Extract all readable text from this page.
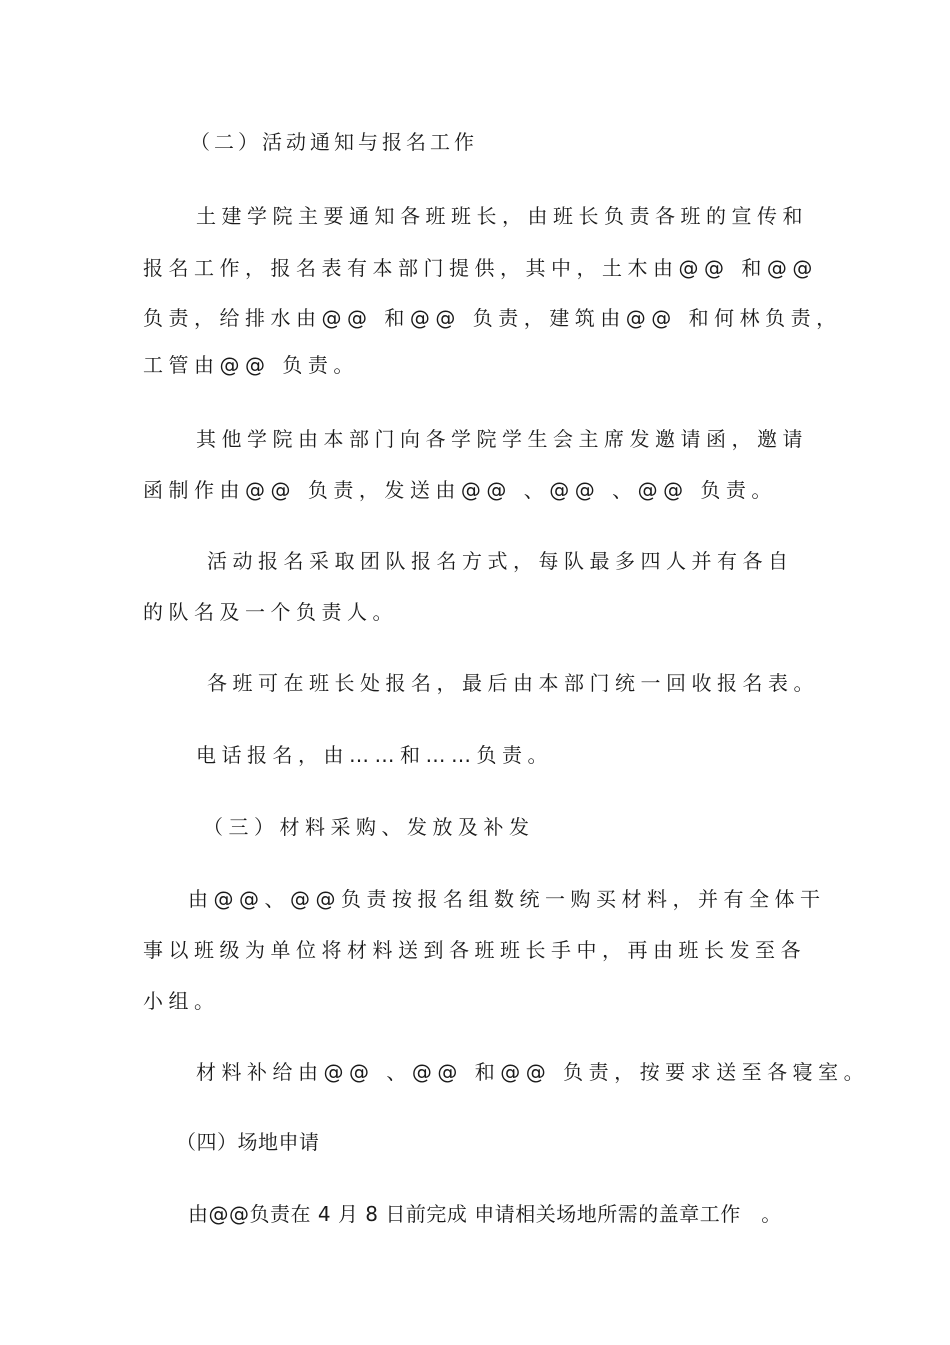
（二）活动通知与报名工作
土建学院主要通知各班班长，由班长负责各班的宣传和
报名工作，报名表有本部门提供，其中，土木由@@ 和@@
负责，给排水由@@ 和@@ 负责，建筑由@@ 和何林负责，
工管由@@ 负责。
其他学院由本部门向各学院学生会主席发邀请函，邀请
函制作由@@ 负责，发送由@@ 、@@ 、@@ 负责。
活动报名采取团队报名方式，每队最多四人并有各自
的队名及一个负责人。
各班可在班长处报名，最后由本部门统一回收报名表。
电话报名，由……和……负责。
（三）材料采购、发放及补发
由@@、@@负责按报名组数统一购买材料，并有全体干
事以班级为单位将材料送到各班班长手中，再由班长发至各
小组。
材料补给由@@ 、@@ 和@@ 负责，按要求送至各寝室。
（四）场地申请
由@@负责在 4 月 8 日前完成 申请相关场地所需的盖章工作　。
